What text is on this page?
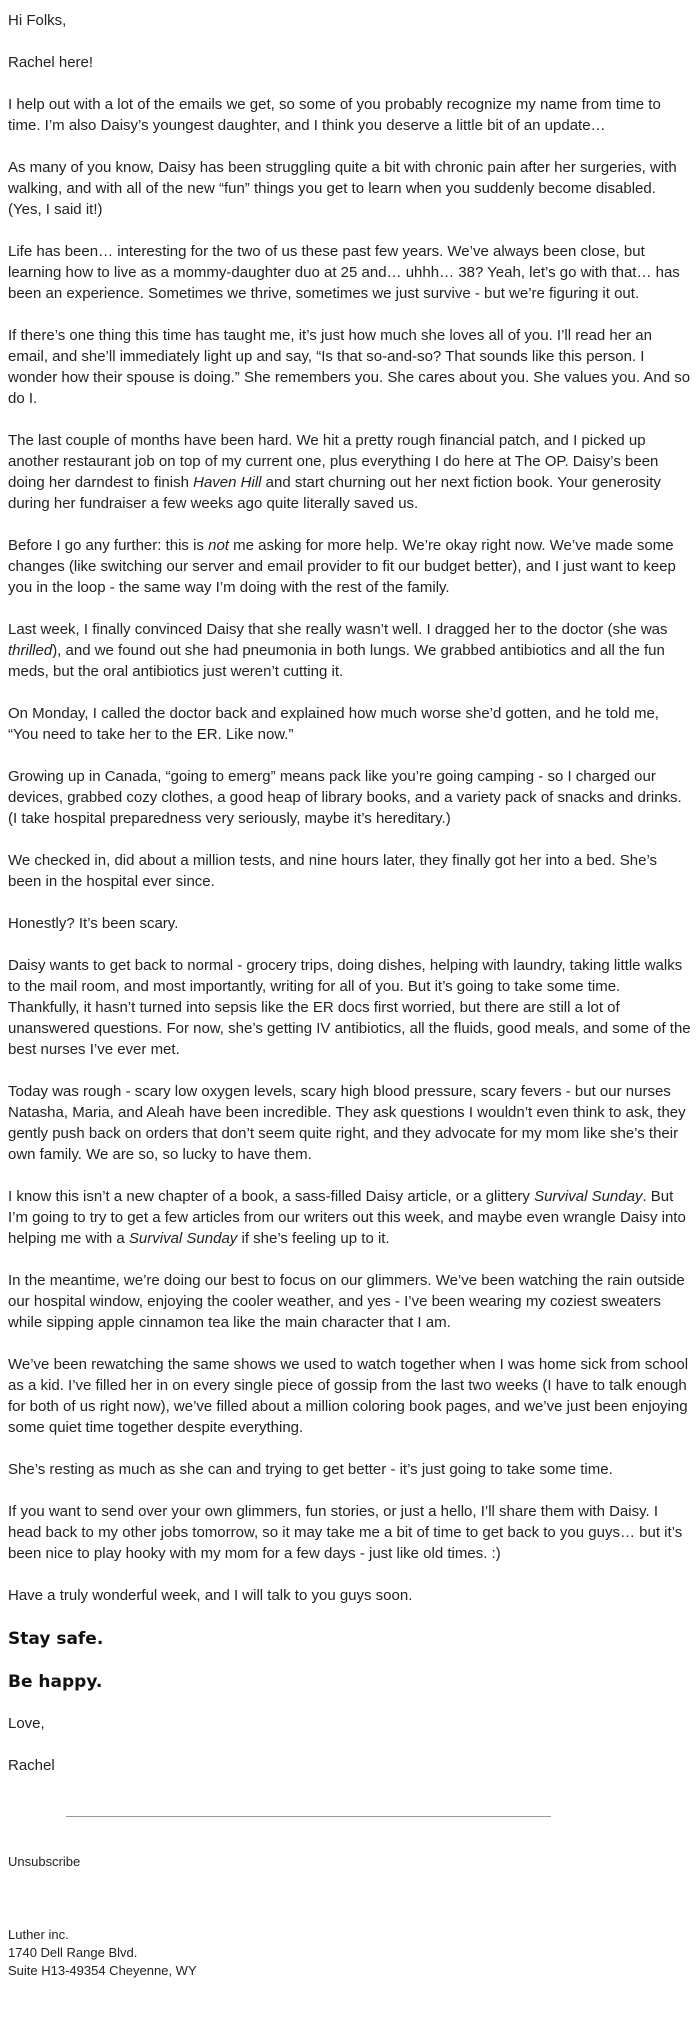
Hi Folks,

Rachel here!

I help out with a lot of the emails we get, so some of you probably recognize my name from time to time. I’m also Daisy’s youngest daughter, and I think you deserve a little bit of an update…

As many of you know, Daisy has been struggling quite a bit with chronic pain after her surgeries, with walking, and with all of the new “fun” things you get to learn when you suddenly become disabled. (Yes, I said it!)

Life has been… interesting for the two of us these past few years. We’ve always been close, but learning how to live as a mommy-daughter duo at 25 and… uhhh… 38? Yeah, let’s go with that… has been an experience. Sometimes we thrive, sometimes we just survive - but we’re figuring it out.

If there’s one thing this time has taught me, it’s just how much she loves all of you. I’ll read her an email, and she’ll immediately light up and say, “Is that so-and-so? That sounds like this person. I wonder how their spouse is doing.” She remembers you. She cares about you. She values you. And so do I.

The last couple of months have been hard. We hit a pretty rough financial patch, and I picked up another restaurant job on top of my current one, plus everything I do here at The OP. Daisy’s been doing her darndest to finish Haven Hill and start churning out her next fiction book. Your generosity during her fundraiser a few weeks ago quite literally saved us.

Before I go any further: this is not me asking for more help. We’re okay right now. We’ve made some changes (like switching our server and email provider to fit our budget better), and I just want to keep you in the loop - the same way I’m doing with the rest of the family.

Last week, I finally convinced Daisy that she really wasn’t well. I dragged her to the doctor (she was thrilled), and we found out she had pneumonia in both lungs. We grabbed antibiotics and all the fun meds, but the oral antibiotics just weren’t cutting it.

On Monday, I called the doctor back and explained how much worse she’d gotten, and he told me, “You need to take her to the ER. Like now.”

Growing up in Canada, “going to emerg” means pack like you’re going camping - so I charged our devices, grabbed cozy clothes, a good heap of library books, and a variety pack of snacks and drinks. (I take hospital preparedness very seriously, maybe it’s hereditary.)

We checked in, did about a million tests, and nine hours later, they finally got her into a bed. She’s been in the hospital ever since.

Honestly? It’s been scary.

Daisy wants to get back to normal - grocery trips, doing dishes, helping with laundry, taking little walks to the mail room, and most importantly, writing for all of you. But it’s going to take some time. Thankfully, it hasn’t turned into sepsis like the ER docs first worried, but there are still a lot of unanswered questions. For now, she’s getting IV antibiotics, all the fluids, good meals, and some of the best nurses I’ve ever met.

Today was rough - scary low oxygen levels, scary high blood pressure, scary fevers - but our nurses Natasha, Maria, and Aleah have been incredible. They ask questions I wouldn’t even think to ask, they gently push back on orders that don’t seem quite right, and they advocate for my mom like she’s their own family. We are so, so lucky to have them.

I know this isn’t a new chapter of a book, a sass-filled Daisy article, or a glittery Survival Sunday. But I’m going to try to get a few articles from our writers out this week, and maybe even wrangle Daisy into helping me with a Survival Sunday if she’s feeling up to it.

In the meantime, we’re doing our best to focus on our glimmers. We’ve been watching the rain outside our hospital window, enjoying the cooler weather, and yes - I’ve been wearing my coziest sweaters while sipping apple cinnamon tea like the main character that I am.

We’ve been rewatching the same shows we used to watch together when I was home sick from school as a kid. I’ve filled her in on every single piece of gossip from the last two weeks (I have to talk enough for both of us right now), we’ve filled about a million coloring book pages, and we’ve just been enjoying some quiet time together despite everything.

She’s resting as much as she can and trying to get better - it’s just going to take some time.

If you want to send over your own glimmers, fun stories, or just a hello, I’ll share them with Daisy. I head back to my other jobs tomorrow, so it may take me a bit of time to get back to you guys… but it’s been nice to play hooky with my mom for a few days - just like old times. :)

Have a truly wonderful week, and I will talk to you guys soon.

Stay safe.

Be happy.

Love,

Rachel

Unsubscribe
Luther inc.
1740 Dell Range Blvd.
Suite H13-49354 Cheyenne, WY
